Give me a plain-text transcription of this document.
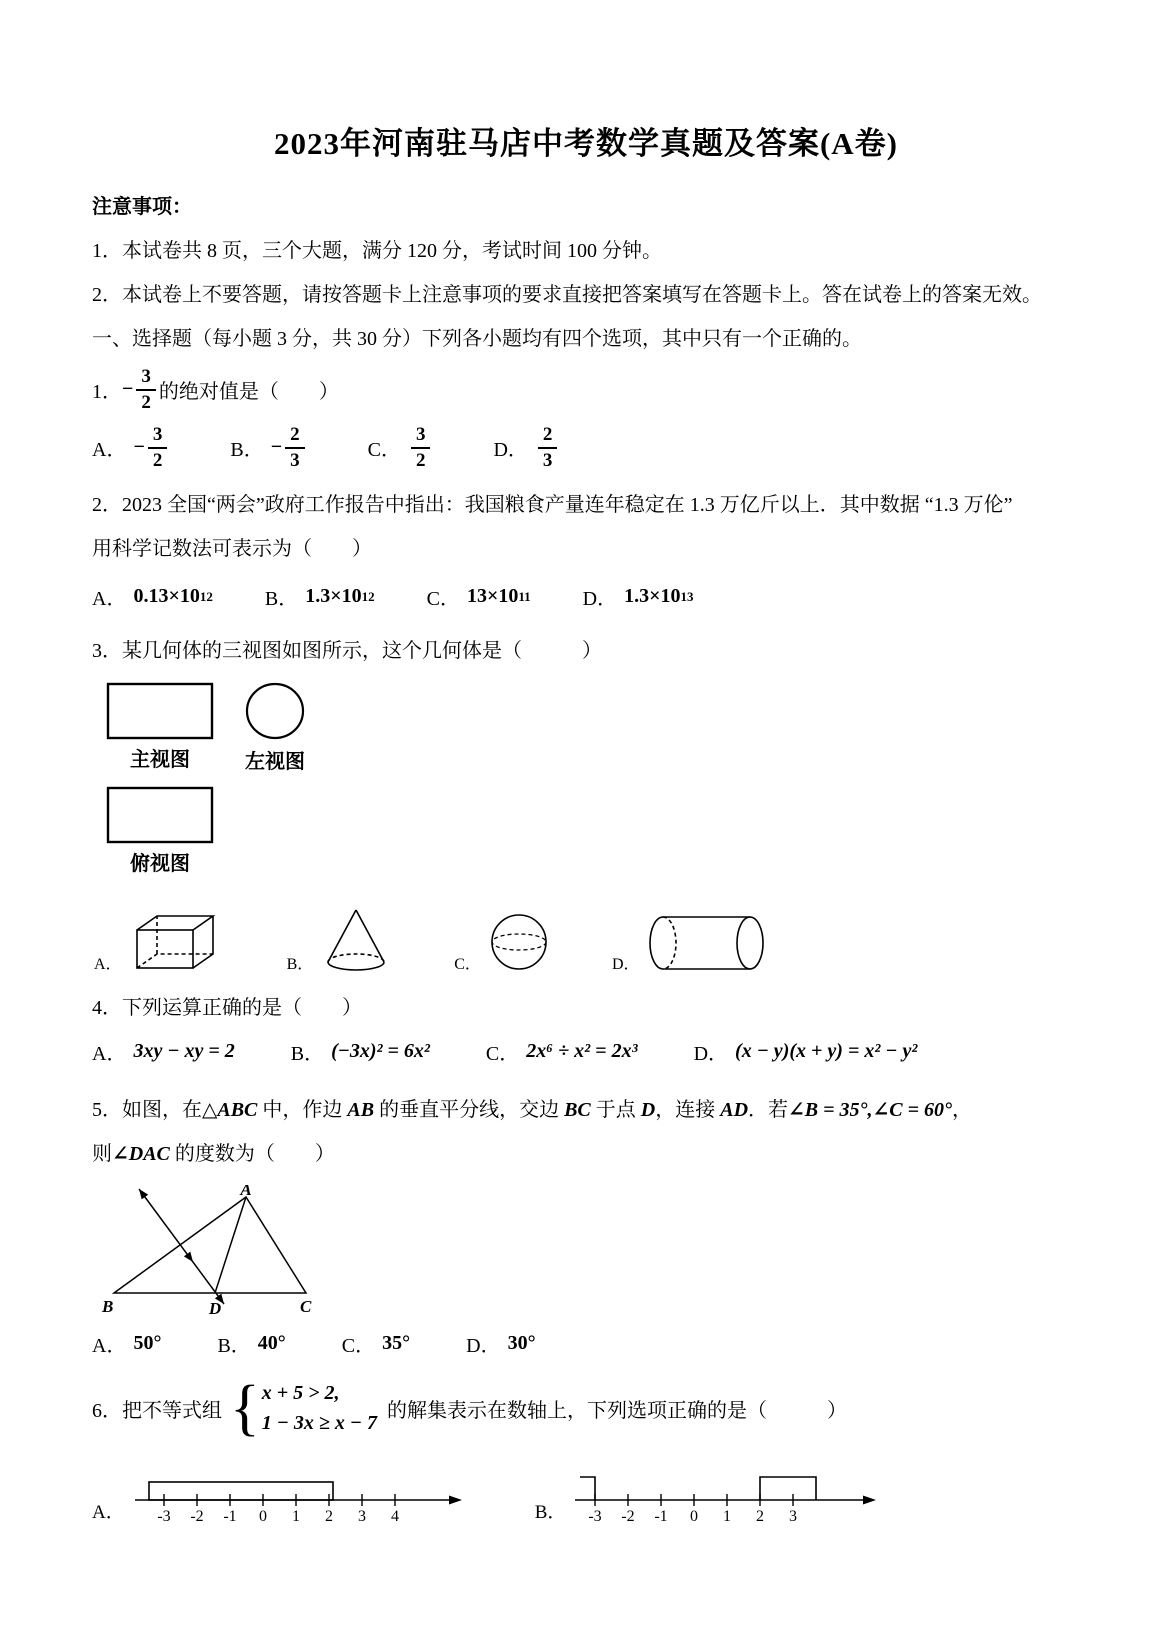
2023年河南驻马店中考数学真题及答案(A卷)

注意事项：

1．本试卷共 8 页，三个大题，满分 120 分，考试时间 100 分钟。

2．本试卷上不要答题，请按答题卡上注意事项的要求直接把答案填写在答题卡上。答在试卷上的答案无效。

一、选择题（每小题 3 分，共 30 分）下列各小题均有四个选项，其中只有一个正确的。

1． − $\frac{3}{2}$ 的绝对值是（　　）
A． − $\frac{3}{2}$	B． − $\frac{2}{3}$	C． $\frac{3}{2}$	D． $\frac{2}{3}$

2．2023 全国“两会”政府工作报告中指出：我国粮食产量连年稳定在 1.3 万亿斤以上．其中数据 “1.3 万伦”

用科学记数法可表示为（　　）

A． 0.13×10 12	B． 1.3×10 12	C． 13×10 11	D． 1.3×10 13

3．某几何体的三视图如图所示，这个几何体是（　　　）

主视图	左视图
俯视图
A．	B．	C．	D．

4．下列运算正确的是（　　）

A． 3xy − xy = 2	B． (−3x)² = 6x²	C． 2x⁶ ÷ x² = 2x³	D． (x − y)(x + y) = x² − y²

5．如图，在△ABC 中，作边 AB 的垂直平分线，交边 BC 于点 D，连接 AD．若∠B = 35°,∠C = 60°，

则∠DAC 的度数为（　　）

A
B	D	C
A． 50°	B． 40°	C． 35°	D． 30°
6．把不等式组 { x + 5 > 2,
1 − 3x ≥ x − 7
的解集表示在数轴上，下列选项正确的是（　　　）
A． -3 -2 -1 0 1 2 3 4	B． -3 -2 -1 0 1 2 3
